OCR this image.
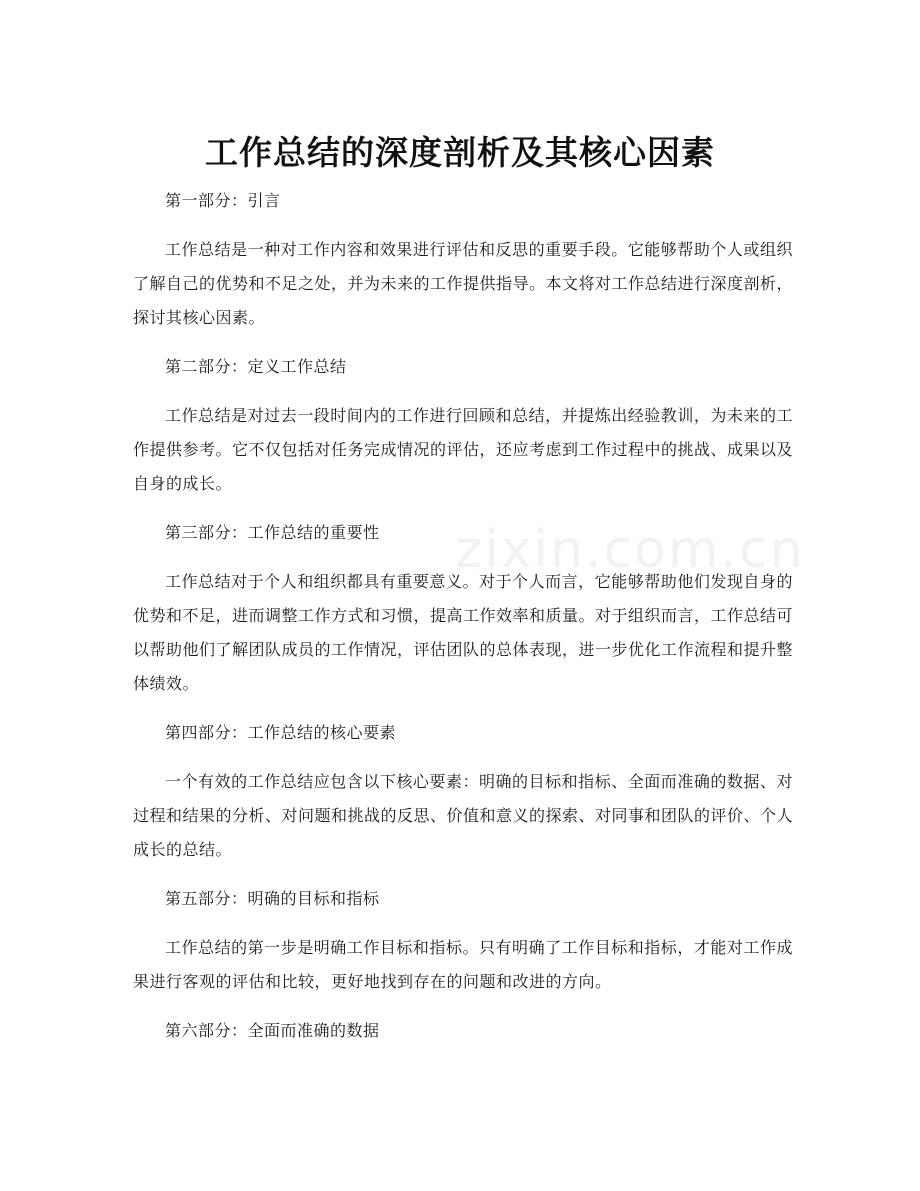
zixin.com.cn
工作总结的深度剖析及其核心因素

第一部分：引言

工作总结是一种对工作内容和效果进行评估和反思的重要手段。它能够帮助个人或组织了解自己的优势和不足之处，并为未来的工作提供指导。本文将对工作总结进行深度剖析，探讨其核心因素。

第二部分：定义工作总结

工作总结是对过去一段时间内的工作进行回顾和总结，并提炼出经验教训，为未来的工作提供参考。它不仅包括对任务完成情况的评估，还应考虑到工作过程中的挑战、成果以及自身的成长。

第三部分：工作总结的重要性

工作总结对于个人和组织都具有重要意义。对于个人而言，它能够帮助他们发现自身的优势和不足，进而调整工作方式和习惯，提高工作效率和质量。对于组织而言，工作总结可以帮助他们了解团队成员的工作情况，评估团队的总体表现，进一步优化工作流程和提升整体绩效。

第四部分：工作总结的核心要素

一个有效的工作总结应包含以下核心要素：明确的目标和指标、全面而准确的数据、对过程和结果的分析、对问题和挑战的反思、价值和意义的探索、对同事和团队的评价、个人成长的总结。

第五部分：明确的目标和指标

工作总结的第一步是明确工作目标和指标。只有明确了工作目标和指标，才能对工作成果进行客观的评估和比较，更好地找到存在的问题和改进的方向。

第六部分：全面而准确的数据
